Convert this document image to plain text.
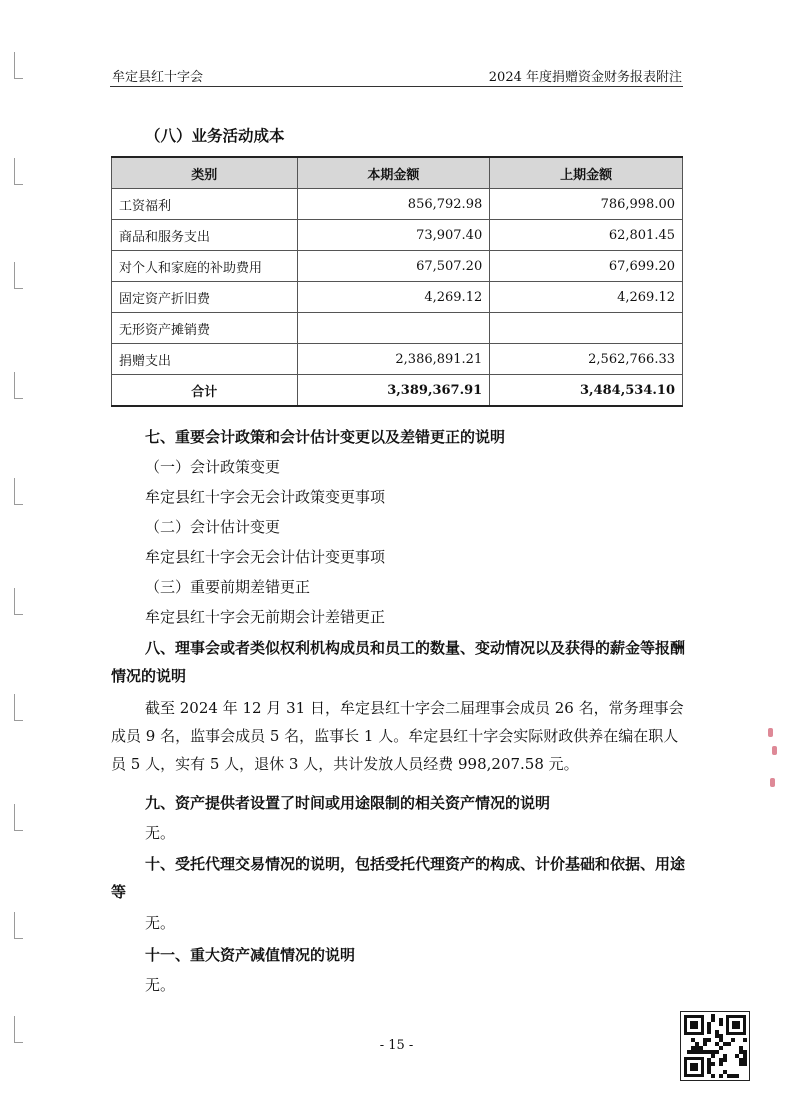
牟定县红十字会	2024 年度捐赠资金财务报表附注
（八）业务活动成本
类别	本期金额	上期金额
工资福利	856,792.98	786,998.00
商品和服务支出	73,907.40	62,801.45
对个人和家庭的补助费用	67,507.20	67,699.20
固定资产折旧费	4,269.12	4,269.12
无形资产摊销费		
捐赠支出	2,386,891.21	2,562,766.33
合计	3,389,367.91	3,484,534.10
七、重要会计政策和会计估计变更以及差错更正的说明
（一）会计政策变更
牟定县红十字会无会计政策变更事项
（二）会计估计变更
牟定县红十字会无会计估计变更事项
（三）重要前期差错更正
牟定县红十字会无前期会计差错更正
八、理事会或者类似权利机构成员和员工的数量、变动情况以及获得的薪金等报酬情况的说明
截至 2024 年 12 月 31 日，牟定县红十字会二届理事会成员 26 名，常务理事会成员 9 名，监事会成员 5 名，监事长 1 人。牟定县红十字会实际财政供养在编在职人员 5 人，实有 5 人，退休 3 人，共计发放人员经费 998,207.58 元。
九、资产提供者设置了时间或用途限制的相关资产情况的说明
无。
十、受托代理交易情况的说明，包括受托代理资产的构成、计价基础和依据、用途等
无。
十一、重大资产减值情况的说明
无。
- 15 -
